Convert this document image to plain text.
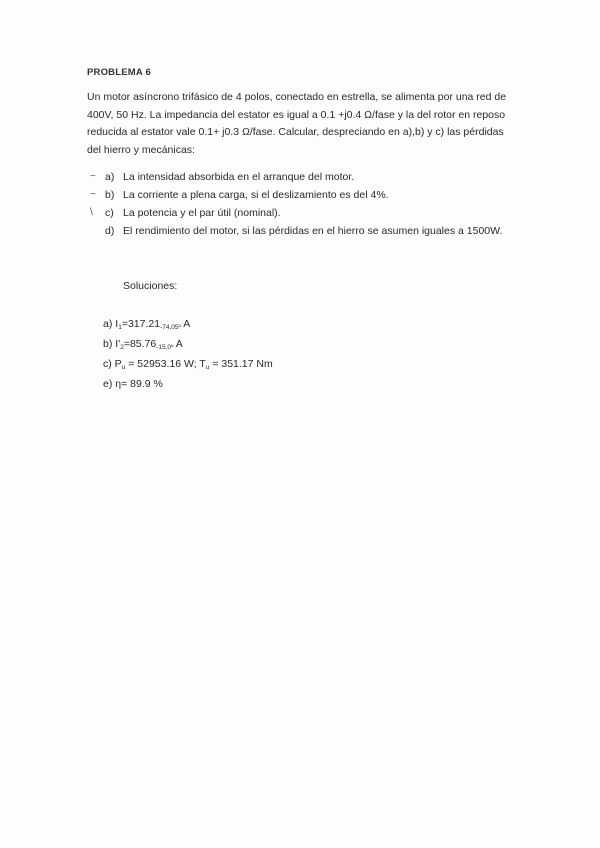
PROBLEMA 6
Un motor asíncrono trifásico de 4 polos, conectado en estrella, se alimenta por una red de 400V, 50 Hz. La impedancia del estator es igual a 0.1 +j0.4 Ω/fase y la del rotor en reposo reducida al estator vale 0.1+ j0.3 Ω/fase. Calcular, despreciando en a),b) y c) las pérdidas del hierro y mecánicas:
~ a) La intensidad absorbida en el arranque del motor.
~ b) La corriente a plena carga, si el deslizamiento es del 4%.
\ c) La potencia y el par útil (nominal).
d) El rendimiento del motor, si las pérdidas en el hierro se asumen iguales a 1500W.
Soluciones:
a) $I_1=317.21_{-74,05º}$ A
b) $I'_2=85.76_{-15,0º}$ A
c) $P_u = 52953.16$ W; $T_u = 351.17$ Nm
e) η= 89.9 %
